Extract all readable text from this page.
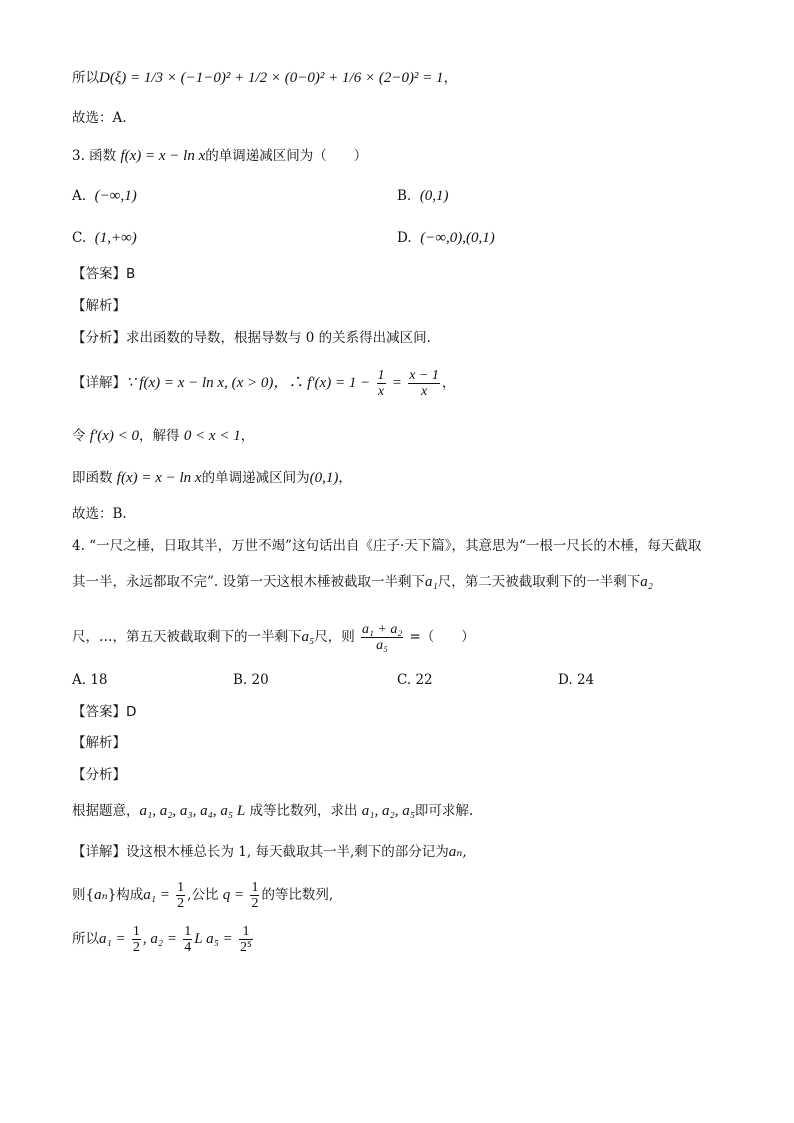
所以D(ξ) = 1/3 × (−1−0)² + 1/2 × (0−0)² + 1/6 × (2−0)² = 1，
故选：A.
3. 函数 f(x) = x − ln x的单调递减区间为（　　）
A. (−∞,1)	B. (0,1)
C. (1,+∞)	D. (−∞,0),(0,1)
【答案】B
【解析】
【分析】求出函数的导数，根据导数与 0 的关系得出减区间.
【详解】∵ f(x) = x − ln x, (x > 0)，∴ $f'(x) = 1 - \frac{1}{x} = \frac{x - 1}{x}$ ，
令 f′(x) < 0，解得 0 < x < 1，
即函数 f(x) = x − ln x的单调递减区间为(0,1)，
故选：B.
4. “一尺之棰，日取其半，万世不竭”这句话出自《庄子·天下篇》，其意思为“一根一尺长的木棰，每天截取
其一半，永远都取不完”. 设第一天这根木棰被截取一半剩下a₁尺，第二天被截取剩下的一半剩下a₂
尺，…，第五天被截取剩下的一半剩下a₅尺，则 $\frac{\text{a₁ + a₂}}{\text{a₅}}$ =（　　）
A. 18	B. 20	C. 22	D. 24
【答案】D
【解析】
【分析】
根据题意，a₁, a₂, a₃, a₄, a₅ L 成等比数列，求出 a₁, a₂, a₅即可求解.
【详解】设这根木棰总长为 1, 每天截取其一半,剩下的部分记为aₙ,
则{aₙ}构成$a_1 = \frac{1}{2}$ ,公比 $q = \frac{1}{2}$ 的等比数列,
所以$a_1 = \frac{1}{2}$ , $a_2 = \frac{1}{4}$ L $a_5 = \frac{1}{\text{2⁵}}$
